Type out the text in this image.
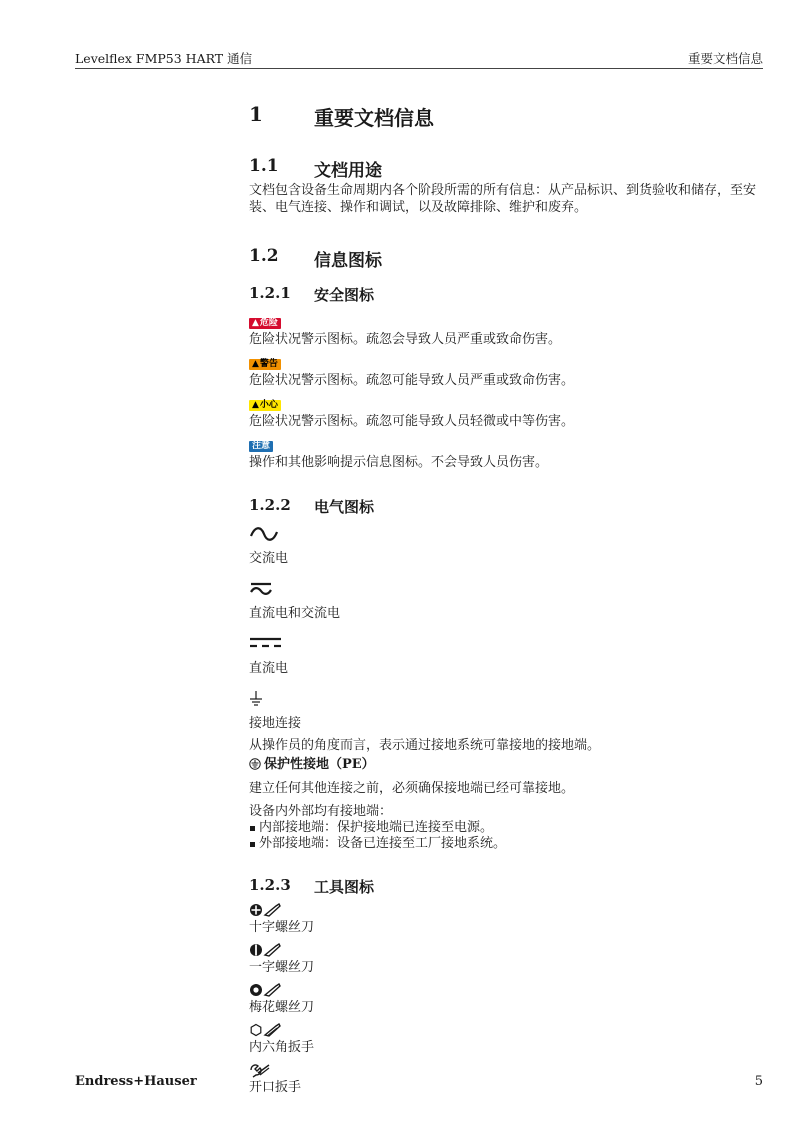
Levelflex FMP53 HART 通信	重要文档信息
1	重要文档信息
1.1 文档用途
文档包含设备生命周期内各个阶段所需的所有信息：从产品标识、到货验收和储存，至安装、电气连接、操作和调试，以及故障排除、维护和废弃。
1.2 信息图标
1.2.1 安全图标
▲危险
危险状况警示图标。疏忽会导致人员严重或致命伤害。
▲警告
危险状况警示图标。疏忽可能导致人员严重或致命伤害。
▲小心
危险状况警示图标。疏忽可能导致人员轻微或中等伤害。
注意
操作和其他影响提示信息图标。不会导致人员伤害。
1.2.2 电气图标
交流电
直流电和交流电
直流电
接地连接
从操作员的角度而言，表示通过接地系统可靠接地的接地端。
保护性接地（PE）
建立任何其他连接之前，必须确保接地端已经可靠接地。
设备内外部均有接地端：
内部接地端：保护接地端已连接至电源。
外部接地端：设备已连接至工厂接地系统。
1.2.3 工具图标
十字螺丝刀
一字螺丝刀
梅花螺丝刀
内六角扳手
开口扳手
Endress+Hauser	5
